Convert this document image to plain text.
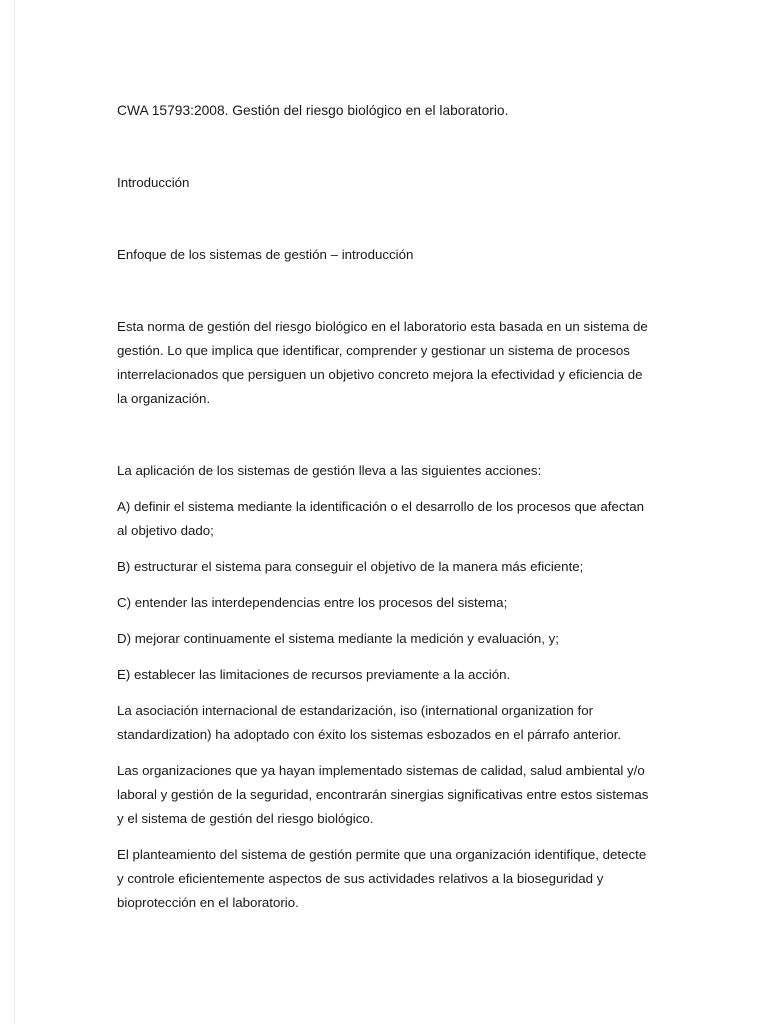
CWA 15793:2008. Gestión del riesgo biológico en el laboratorio.
Introducción
Enfoque de los sistemas de gestión – introducción
Esta norma de gestión del riesgo biológico en el laboratorio esta basada en un sistema de
gestión. Lo que implica que identificar, comprender y gestionar un sistema de procesos
interrelacionados que persiguen un objetivo concreto mejora la efectividad y eficiencia de
la organización.
La aplicación de los sistemas de gestión lleva a las siguientes acciones:
A) definir el sistema mediante la identificación o el desarrollo de los procesos que afectan
al objetivo dado;
B) estructurar el sistema para conseguir el objetivo de la manera más eficiente;
C) entender las interdependencias entre los procesos del sistema;
D) mejorar continuamente el sistema mediante la medición y evaluación, y;
E) establecer las limitaciones de recursos previamente a la acción.
La asociación internacional de estandarización, iso (international organization for
standardization) ha adoptado con éxito los sistemas esbozados en el párrafo anterior.
Las organizaciones que ya hayan implementado sistemas de calidad, salud ambiental y/o
laboral y gestión de la seguridad, encontrarán sinergias significativas entre estos sistemas
y el sistema de gestión del riesgo biológico.
El planteamiento del sistema de gestión permite que una organización identifique, detecte
y controle eficientemente aspectos de sus actividades relativos a la bioseguridad y
bioprotección en el laboratorio.
